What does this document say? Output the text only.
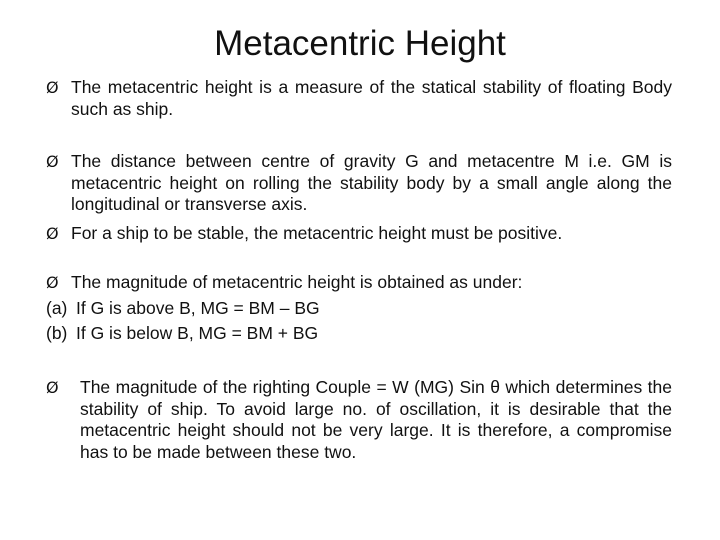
Metacentric Height
Ø The metacentric height is a measure of the statical stability of floating Body such as ship.
Ø The distance between centre of gravity G and metacentre M i.e. GM is metacentric height on rolling the stability body by a small angle along the longitudinal or transverse axis.
Ø For a ship to be stable, the metacentric height must be positive.
Ø The magnitude of metacentric height is obtained as under:
(a) If G is above B, MG = BM – BG
(b) If G is below B, MG = BM + BG
Ø The magnitude of the righting Couple = W (MG) Sin θ which determines the stability of ship. To avoid large no. of oscillation, it is desirable that the metacentric height should not be very large. It is therefore, a compromise has to be made between these two.
